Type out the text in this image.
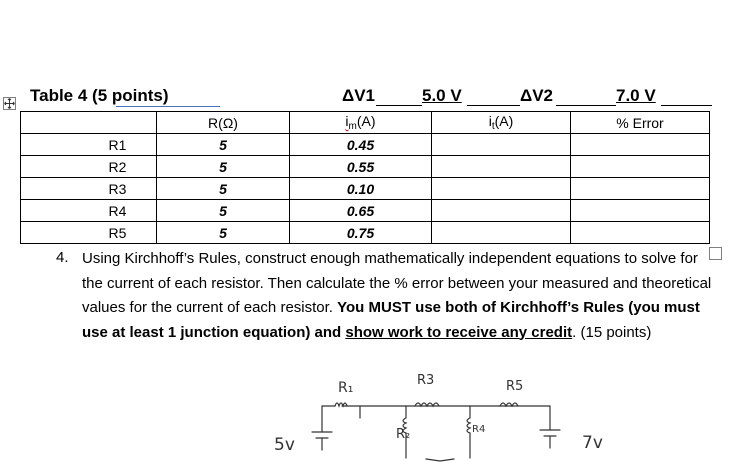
Table 4 (5 points)	ΔV1	5.0 V	ΔV2	7.0 V
	R(Ω)	$i_m(A)$	$i_t(A)$	% Error
R1	5	0.45		
R2	5	0.55		
R3	5	0.10		
R4	5	0.65		
R5	5	0.75		
4. Using Kirchhoff’s Rules, construct enough mathematically independent equations to solve for the current of each resistor. Then calculate the % error between your measured and theoretical values for the current of each resistor. You MUST use both of Kirchhoff’s Rules (you must use at least 1 junction equation) and show work to receive any credit. (15 points)
R₁	R3	R5
R₂	R4
5v	7v
